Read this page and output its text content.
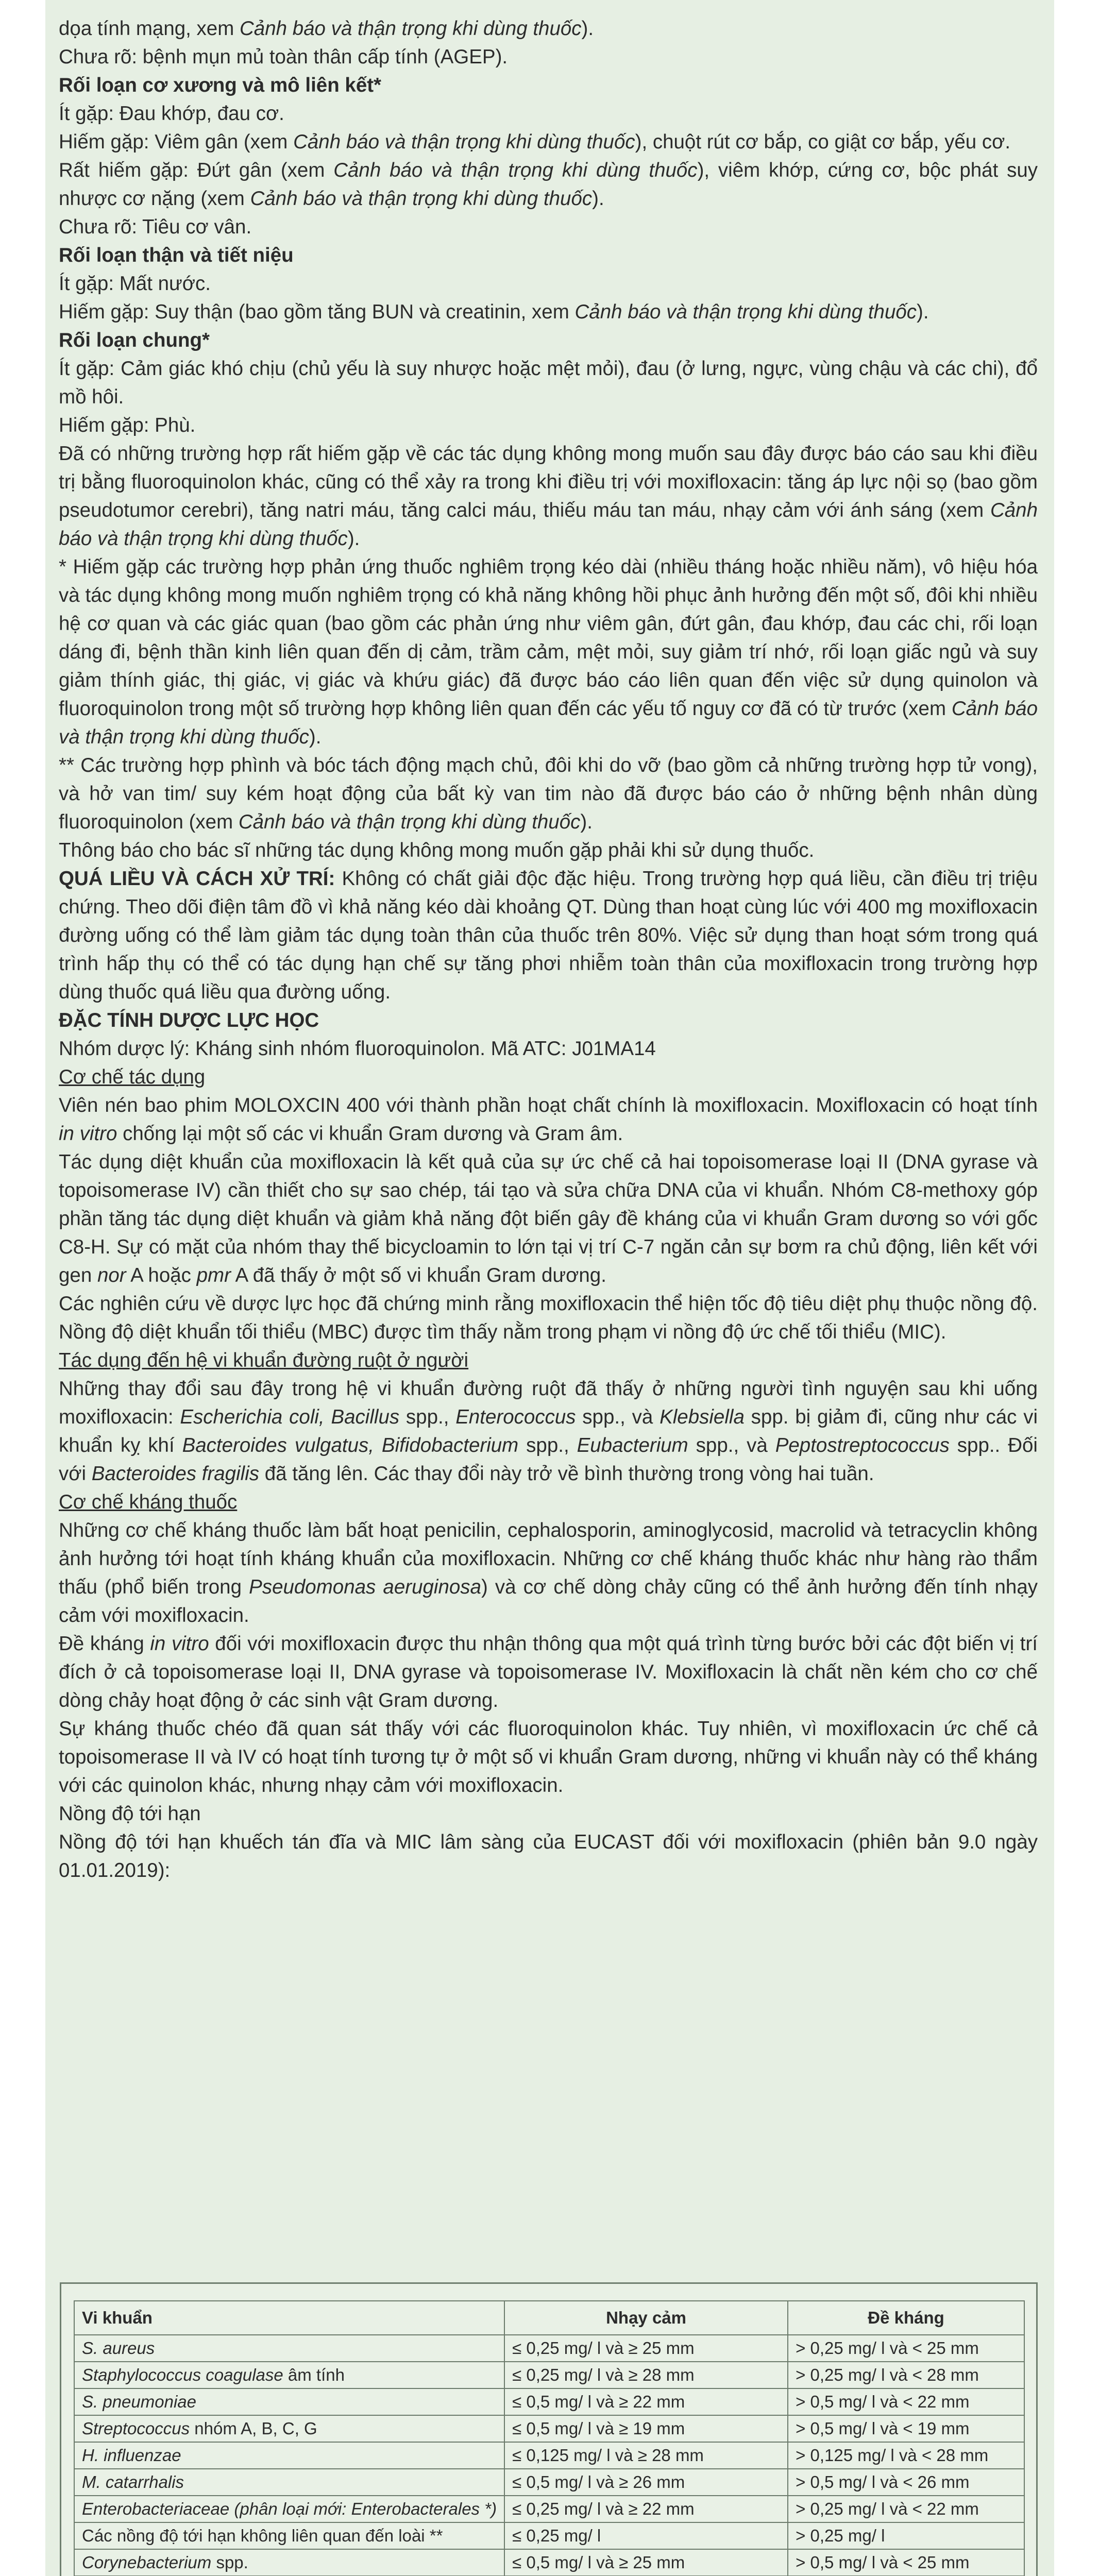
dọa tính mạng, xem Cảnh báo và thận trọng khi dùng thuốc).

Chưa rõ: bệnh mụn mủ toàn thân cấp tính (AGEP).

Rối loạn cơ xương và mô liên kết*

Ít gặp: Đau khớp, đau cơ.

Hiếm gặp: Viêm gân (xem Cảnh báo và thận trọng khi dùng thuốc), chuột rút cơ bắp, co giật cơ bắp, yếu cơ.

Rất hiếm gặp: Đứt gân (xem Cảnh báo và thận trọng khi dùng thuốc), viêm khớp, cứng cơ, bộc phát suy nhược cơ nặng (xem Cảnh báo và thận trọng khi dùng thuốc).

Chưa rõ: Tiêu cơ vân.

Rối loạn thận và tiết niệu

Ít gặp: Mất nước.

Hiếm gặp: Suy thận (bao gồm tăng BUN và creatinin, xem Cảnh báo và thận trọng khi dùng thuốc).

Rối loạn chung*

Ít gặp: Cảm giác khó chịu (chủ yếu là suy nhược hoặc mệt mỏi), đau (ở lưng, ngực, vùng chậu và các chi), đổ mồ hôi.

Hiếm gặp: Phù.

Đã có những trường hợp rất hiếm gặp về các tác dụng không mong muốn sau đây được báo cáo sau khi điều trị bằng fluoroquinolon khác, cũng có thể xảy ra trong khi điều trị với moxifloxacin: tăng áp lực nội sọ (bao gồm pseudotumor cerebri), tăng natri máu, tăng calci máu, thiếu máu tan máu, nhạy cảm với ánh sáng (xem Cảnh báo và thận trọng khi dùng thuốc).

* Hiếm gặp các trường hợp phản ứng thuốc nghiêm trọng kéo dài (nhiều tháng hoặc nhiều năm), vô hiệu hóa và tác dụng không mong muốn nghiêm trọng có khả năng không hồi phục ảnh hưởng đến một số, đôi khi nhiều hệ cơ quan và các giác quan (bao gồm các phản ứng như viêm gân, đứt gân, đau khớp, đau các chi, rối loạn dáng đi, bệnh thần kinh liên quan đến dị cảm, trầm cảm, mệt mỏi, suy giảm trí nhớ, rối loạn giấc ngủ và suy giảm thính giác, thị giác, vị giác và khứu giác) đã được báo cáo liên quan đến việc sử dụng quinolon và fluoroquinolon trong một số trường hợp không liên quan đến các yếu tố nguy cơ đã có từ trước (xem Cảnh báo và thận trọng khi dùng thuốc).

** Các trường hợp phình và bóc tách động mạch chủ, đôi khi do vỡ (bao gồm cả những trường hợp tử vong), và hở van tim/ suy kém hoạt động của bất kỳ van tim nào đã được báo cáo ở những bệnh nhân dùng fluoroquinolon (xem Cảnh báo và thận trọng khi dùng thuốc).

Thông báo cho bác sĩ những tác dụng không mong muốn gặp phải khi sử dụng thuốc.

QUÁ LIỀU VÀ CÁCH XỬ TRÍ: Không có chất giải độc đặc hiệu. Trong trường hợp quá liều, cần điều trị triệu chứng. Theo dõi điện tâm đồ vì khả năng kéo dài khoảng QT. Dùng than hoạt cùng lúc với 400 mg moxifloxacin đường uống có thể làm giảm tác dụng toàn thân của thuốc trên 80%. Việc sử dụng than hoạt sớm trong quá trình hấp thụ có thể có tác dụng hạn chế sự tăng phơi nhiễm toàn thân của moxifloxacin trong trường hợp dùng thuốc quá liều qua đường uống.

ĐẶC TÍNH DƯỢC LỰC HỌC

Nhóm dược lý: Kháng sinh nhóm fluoroquinolon. Mã ATC: J01MA14

Cơ chế tác dụng

Viên nén bao phim MOLOXCIN 400 với thành phần hoạt chất chính là moxifloxacin. Moxifloxacin có hoạt tính in vitro chống lại một số các vi khuẩn Gram dương và Gram âm.

Tác dụng diệt khuẩn của moxifloxacin là kết quả của sự ức chế cả hai topoisomerase loại II (DNA gyrase và topoisomerase IV) cần thiết cho sự sao chép, tái tạo và sửa chữa DNA của vi khuẩn. Nhóm C8-methoxy góp phần tăng tác dụng diệt khuẩn và giảm khả năng đột biến gây đề kháng của vi khuẩn Gram dương so với gốc C8-H. Sự có mặt của nhóm thay thế bicycloamin to lớn tại vị trí C-7 ngăn cản sự bơm ra chủ động, liên kết với gen nor A hoặc pmr A đã thấy ở một số vi khuẩn Gram dương.

Các nghiên cứu về dược lực học đã chứng minh rằng moxifloxacin thể hiện tốc độ tiêu diệt phụ thuộc nồng độ. Nồng độ diệt khuẩn tối thiểu (MBC) được tìm thấy nằm trong phạm vi nồng độ ức chế tối thiểu (MIC).

Tác dụng đến hệ vi khuẩn đường ruột ở người

Những thay đổi sau đây trong hệ vi khuẩn đường ruột đã thấy ở những người tình nguyện sau khi uống moxifloxacin: Escherichia coli, Bacillus spp., Enterococcus spp., và Klebsiella spp. bị giảm đi, cũng như các vi khuẩn kỵ khí Bacteroides vulgatus, Bifidobacterium spp., Eubacterium spp., và Peptostreptococcus spp.. Đối với Bacteroides fragilis đã tăng lên. Các thay đổi này trở về bình thường trong vòng hai tuần.

Cơ chế kháng thuốc

Những cơ chế kháng thuốc làm bất hoạt penicilin, cephalosporin, aminoglycosid, macrolid và tetracyclin không ảnh hưởng tới hoạt tính kháng khuẩn của moxifloxacin. Những cơ chế kháng thuốc khác như hàng rào thẩm thấu (phổ biến trong Pseudomonas aeruginosa) và cơ chế dòng chảy cũng có thể ảnh hưởng đến tính nhạy cảm với moxifloxacin.

Đề kháng in vitro đối với moxifloxacin được thu nhận thông qua một quá trình từng bước bởi các đột biến vị trí đích ở cả topoisomerase loại II, DNA gyrase và topoisomerase IV. Moxifloxacin là chất nền kém cho cơ chế dòng chảy hoạt động ở các sinh vật Gram dương.

Sự kháng thuốc chéo đã quan sát thấy với các fluoroquinolon khác. Tuy nhiên, vì moxifloxacin ức chế cả topoisomerase II và IV có hoạt tính tương tự ở một số vi khuẩn Gram dương, những vi khuẩn này có thể kháng với các quinolon khác, nhưng nhạy cảm với moxifloxacin.

Nồng độ tới hạn

Nồng độ tới hạn khuếch tán đĩa và MIC lâm sàng của EUCAST đối với moxifloxacin (phiên bản 9.0 ngày 01.01.2019):

Vi khuẩn	Nhạy cảm	Đề kháng
S. aureus	≤ 0,25 mg/ l và ≥ 25 mm	> 0,25 mg/ l và < 25 mm
Staphylococcus coagulase âm tính	≤ 0,25 mg/ l và ≥ 28 mm	> 0,25 mg/ l và < 28 mm
S. pneumoniae	≤ 0,5 mg/ l và ≥ 22 mm	> 0,5 mg/ l và < 22 mm
Streptococcus nhóm A, B, C, G	≤ 0,5 mg/ l và ≥ 19 mm	> 0,5 mg/ l và < 19 mm
H. influenzae	≤ 0,125 mg/ l và ≥ 28 mm	> 0,125 mg/ l và < 28 mm
M. catarrhalis	≤ 0,5 mg/ l và ≥ 26 mm	> 0,5 mg/ l và < 26 mm
Enterobacteriaceae (phân loại mới: Enterobacterales *)	≤ 0,25 mg/ l và ≥ 22 mm	> 0,25 mg/ l và < 22 mm
Các nồng độ tới hạn không liên quan đến loài **	≤ 0,25 mg/ l	> 0,25 mg/ l
Corynebacterium spp.	≤ 0,5 mg/ l và ≥ 25 mm	> 0,5 mg/ l và < 25 mm
